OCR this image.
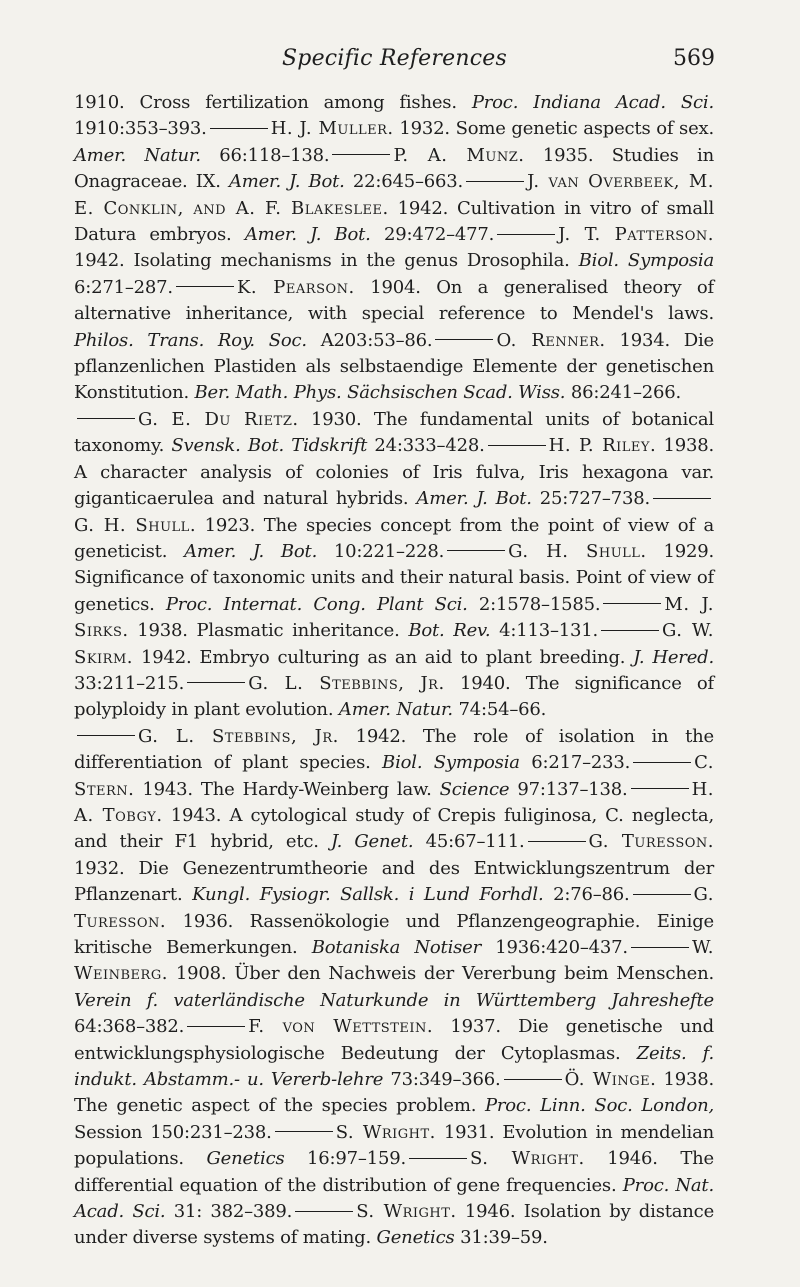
Specific References	569
1910. Cross fertilization among fishes. Proc. Indiana Acad. Sci. 1910:353–393.	H. J. Muller. 1932. Some genetic aspects of sex. Amer. Natur. 66:118–138.	P. A. Munz. 1935. Studies in Onagraceae. IX. Amer. J. Bot. 22:645–663.	J. van Overbeek, M. E. Conklin, and A. F. Blakeslee. 1942. Cultivation in vitro of small Datura embryos. Amer. J. Bot. 29:472–477.	J. T. Patterson. 1942. Isolating mechanisms in the genus Drosophila. Biol. Symposia 6:271–287.	K. Pearson. 1904. On a generalised theory of alternative inheritance, with special reference to Mendel's laws. Philos. Trans. Roy. Soc. A203:53–86.	O. Renner. 1934. Die pflanzenlichen Plastiden als selbstaendige Elemente der genetischen Konstitution. Ber. Math. Phys. Sächsischen Scad. Wiss. 86:241–266.
G. E. Du Rietz. 1930. The fundamental units of botanical taxonomy. Svensk. Bot. Tidskrift 24:333–428.	H. P. Riley. 1938. A character analysis of colonies of Iris fulva, Iris hexagona var. giganticaerulea and natural hybrids. Amer. J. Bot. 25:727–738.G. H. Shull. 1923. The species concept from the point of view of a geneticist. Amer. J. Bot. 10:221–228.	G. H. Shull. 1929. Significance of taxonomic units and their natural basis. Point of view of genetics. Proc. Internat. Cong. Plant Sci. 2:1578–1585.	M. J. Sirks. 1938. Plasmatic inheritance. Bot. Rev. 4:113–131.	G. W. Skirm. 1942. Embryo culturing as an aid to plant breeding. J. Hered. 33:211–215.	G. L. Stebbins, Jr. 1940. The significance of polyploidy in plant evolution. Amer. Natur. 74:54–66.
G. L. Stebbins, Jr. 1942. The role of isolation in the differentiation of plant species. Biol. Symposia 6:217–233.	C. Stern. 1943. The Hardy-Weinberg law. Science 97:137–138.	H. A. Tobgy. 1943. A cytological study of Crepis fuliginosa, C. neglecta, and their F1 hybrid, etc. J. Genet. 45:67–111.	G. Turesson. 1932. Die Genezentrumtheorie and des Entwicklungszentrum der Pflanzenart. Kungl. Fysiogr. Sallsk. i Lund Forhdl. 2:76–86.	G. Turesson. 1936. Rassenökologie und Pflanzengeographie. Einige kritische Bemerkungen. Botaniska Notiser 1936:420–437.	W. Weinberg. 1908. Über den Nachweis der Vererbung beim Menschen. Verein f. vaterländische Naturkunde in Württemberg Jahreshefte 64:368–382.	F. von Wettstein. 1937. Die genetische und entwicklungsphysiologische Bedeutung der Cytoplasmas. Zeits. f. indukt. Abstamm.- u. Vererb-lehre 73:349–366.	Ö. Winge. 1938. The genetic aspect of the species problem. Proc. Linn. Soc. London, Session 150:231–238.	S. Wright. 1931. Evolution in mendelian populations. Genetics 16:97–159.	S. Wright. 1946. The differential equation of the distribution of gene frequencies. Proc. Nat. Acad. Sci. 31: 382–389.	S. Wright. 1946. Isolation by distance under diverse systems of mating. Genetics 31:39–59.
